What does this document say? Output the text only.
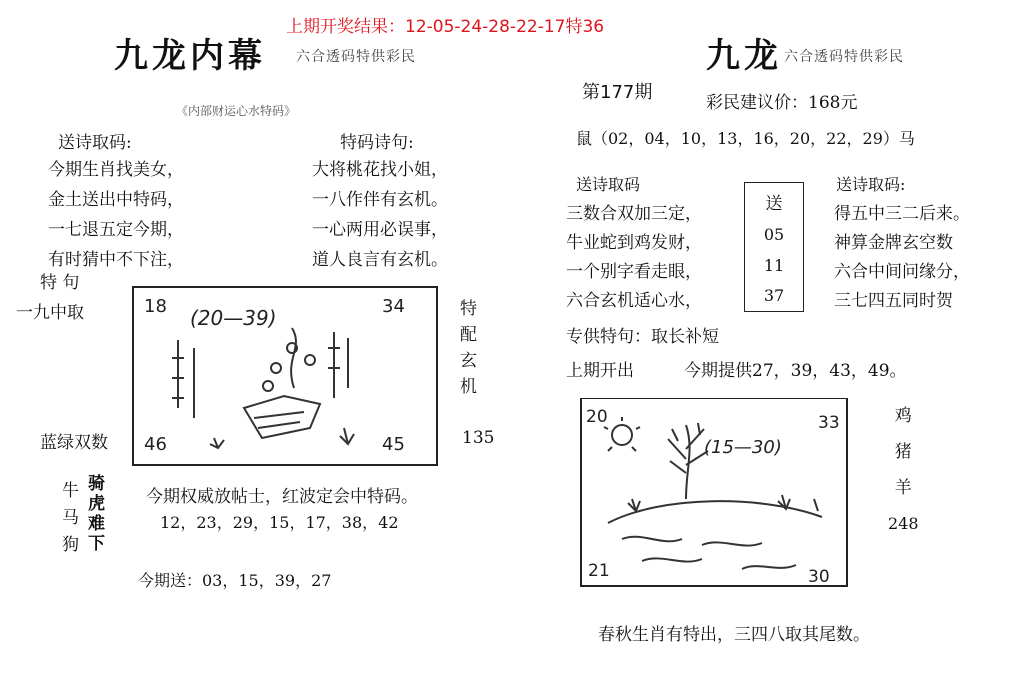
上期开奖结果：12-05-24-28-22-17特36
九龙内幕 六合透码特供彩民
《内部财运心水特码》
送诗取码:	特码诗句:
今期生肖找美女，
金土送出中特码，
一七退五定今期，
有时猜中不下注，
大将桃花找小姐，
一八作伴有玄机。
一心两用必误事，
道人良言有玄机。
特 句
一九中取	18	34
46	45
(20—39)	特
配
玄
机
蓝绿双数	135
牛
马
狗
骑
虎
难
下
今期权威放帖士，红波定会中特码。
12，23，29，15，17，38，42
今期送：03，15，39，27
九龙 六合透码特供彩民
第177期	彩民建议价：168元
鼠（02，04，10，13，16，20，22，29）马
送诗取码	送诗取码:
三数合双加三定，
牛业蛇到鸡发财，
一个别字看走眼，
六合玄机适心水，
送
05
11
37
得五中三二后来。
神算金牌玄空数
六合中间问缘分，
三七四五同时贺
专供特句：取长补短
上期开出	今期提供27，39，43，49。
20	33
21	30
(15—30)
鸡
猪
羊
248
春秋生肖有特出，三四八取其尾数。
